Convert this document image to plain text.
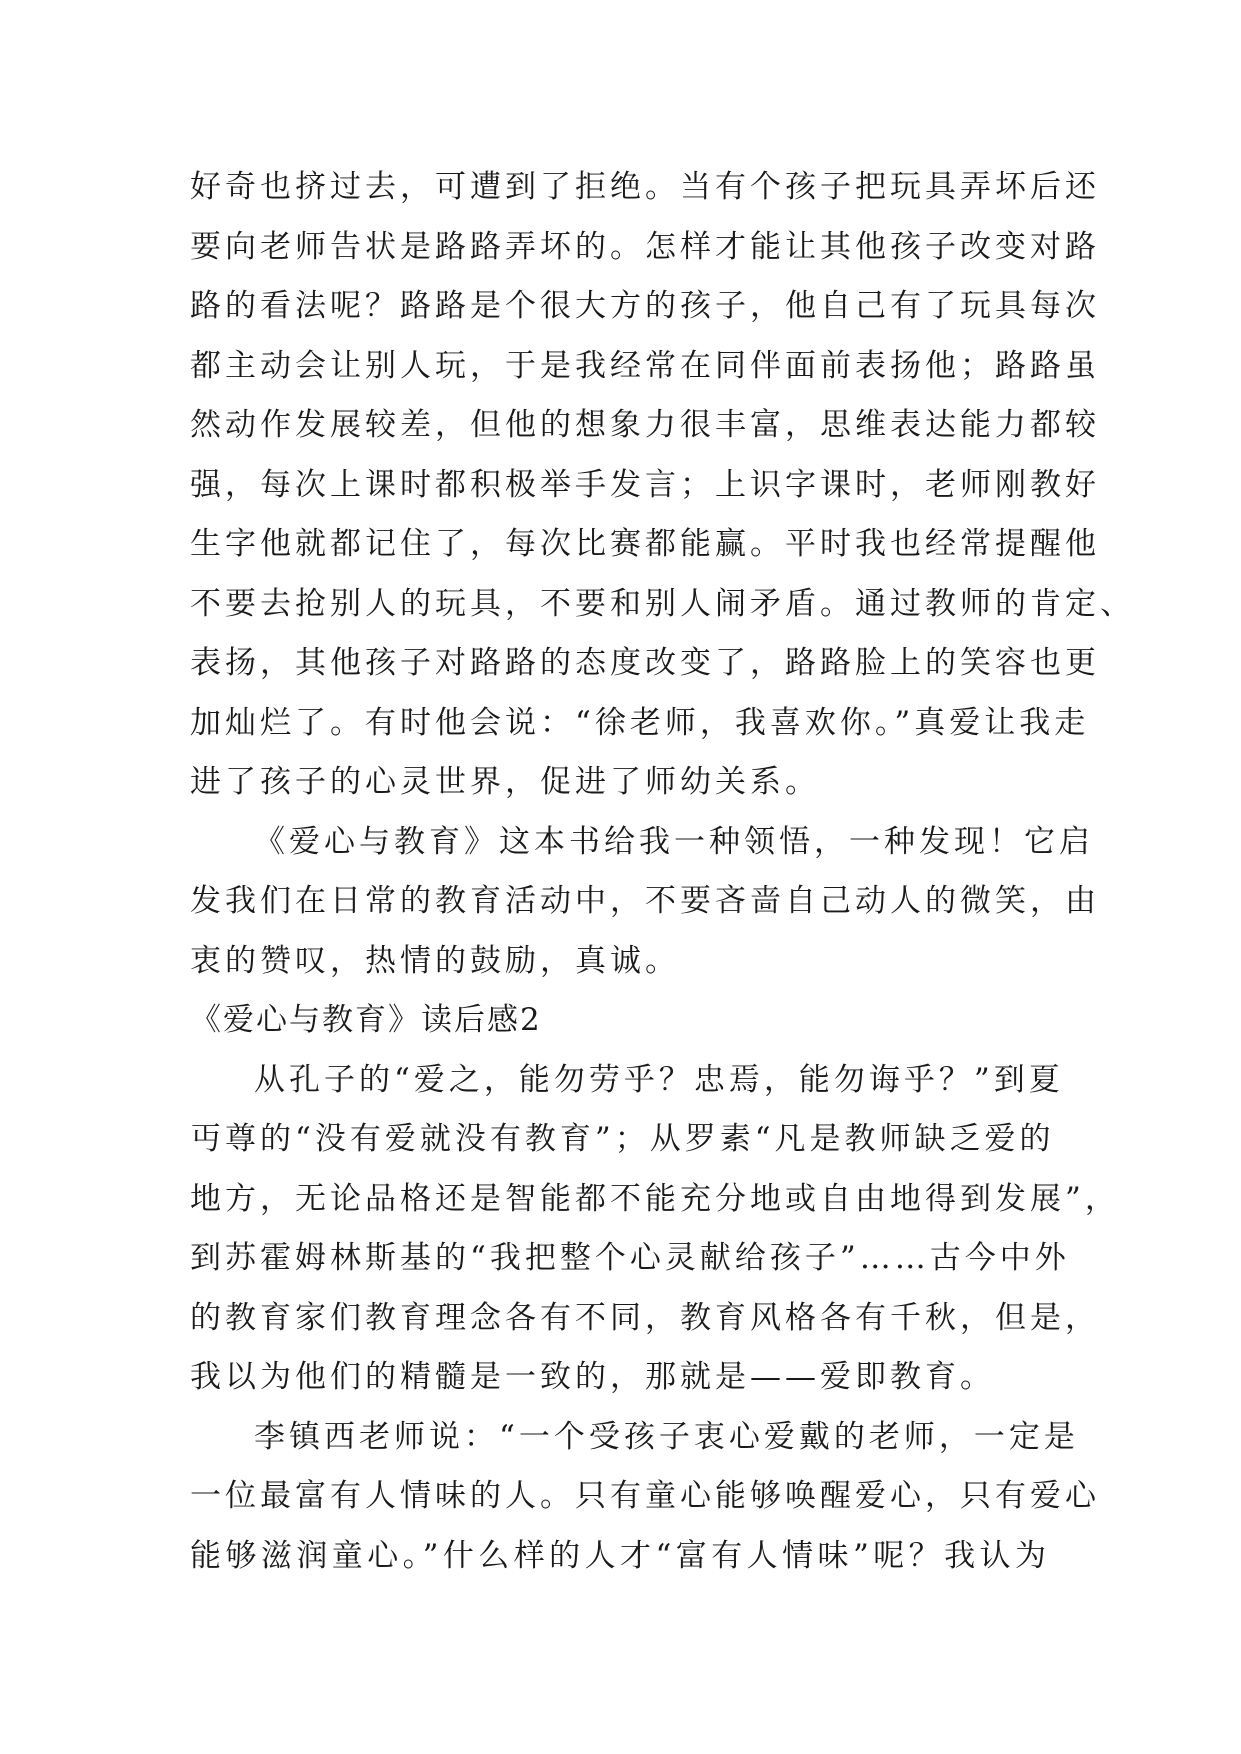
好奇也挤过去，可遭到了拒绝。当有个孩子把玩具弄坏后还
要向老师告状是路路弄坏的。怎样才能让其他孩子改变对路
路的看法呢？路路是个很大方的孩子，他自己有了玩具每次
都主动会让别人玩，于是我经常在同伴面前表扬他；路路虽
然动作发展较差，但他的想象力很丰富，思维表达能力都较
强，每次上课时都积极举手发言；上识字课时，老师刚教好
生字他就都记住了，每次比赛都能赢。平时我也经常提醒他
不要去抢别人的玩具，不要和别人闹矛盾。通过教师的肯定、
表扬，其他孩子对路路的态度改变了，路路脸上的笑容也更
加灿烂了。有时他会说：“徐老师，我喜欢你。”真爱让我走
进了孩子的心灵世界，促进了师幼关系。
《爱心与教育》这本书给我一种领悟，一种发现！它启
发我们在日常的教育活动中，不要吝啬自己动人的微笑，由
衷的赞叹，热情的鼓励，真诚。
《爱心与教育》读后感2
从孔子的“爱之，能勿劳乎？忠焉，能勿诲乎？”到夏
丏尊的“没有爱就没有教育”；从罗素“凡是教师缺乏爱的
地方，无论品格还是智能都不能充分地或自由地得到发展”，
到苏霍姆林斯基的“我把整个心灵献给孩子”……古今中外
的教育家们教育理念各有不同，教育风格各有千秋，但是，
我以为他们的精髓是一致的，那就是——爱即教育。
李镇西老师说：“一个受孩子衷心爱戴的老师，一定是
一位最富有人情味的人。只有童心能够唤醒爱心，只有爱心
能够滋润童心。”什么样的人才“富有人情味”呢？我认为
